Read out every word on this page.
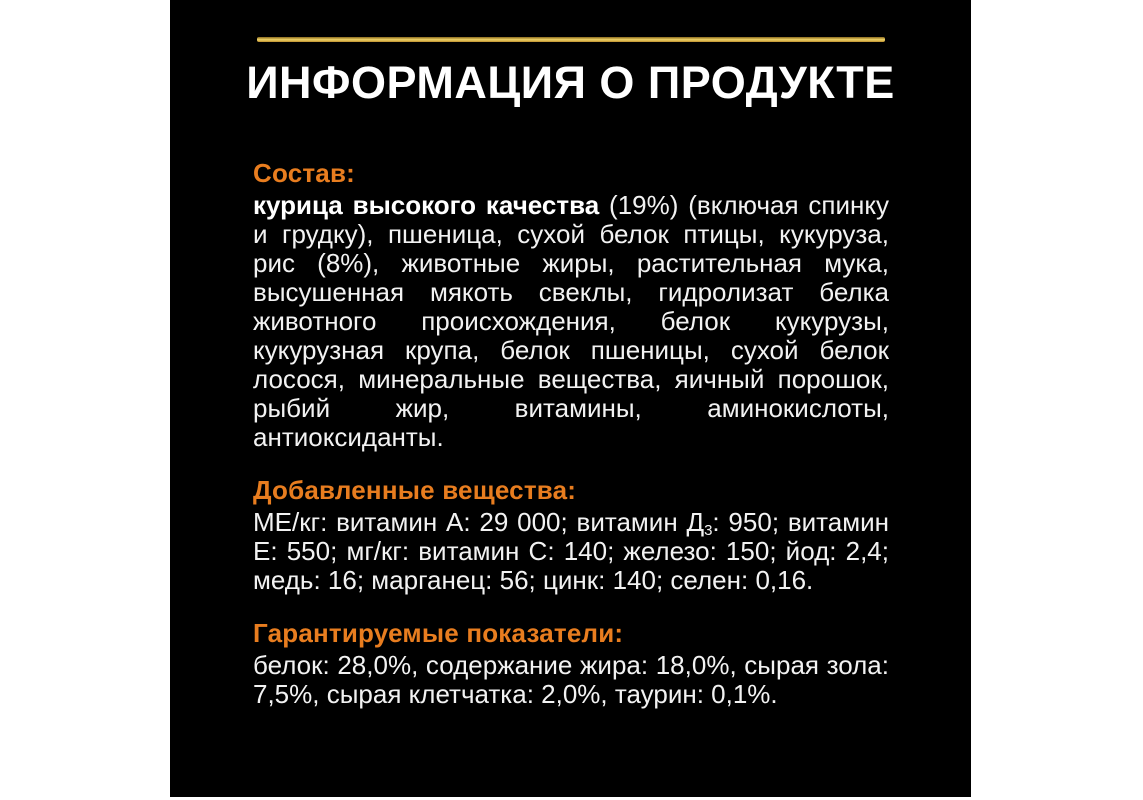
ИНФОРМАЦИЯ О ПРОДУКТЕ
Состав:

курица высокого качества (19%) (включая спинку и грудку), пшеница, сухой белок птицы, кукуруза, рис (8%), животные жиры, растительная мука, высушенная мякоть свеклы, гидролизат белка животного происхождения, белок кукурузы, кукурузная крупа, белок пшеницы, сухой белок лосося, минеральные вещества, яичный порошок, рыбий жир, витамины, аминокислоты, антиоксиданты.

Добавленные вещества:

МЕ/кг: витамин А: 29 000; витамин $Д_3$: 950; витамин Е: 550; мг/кг: витамин С: 140; железо: 150; йод: 2,4; медь: 16; марганец: 56; цинк: 140; селен: 0,16.

Гарантируемые показатели:

белок: 28,0%, содержание жира: 18,0%, сырая зола: 7,5%, сырая клетчатка: 2,0%, таурин: 0,1%.
